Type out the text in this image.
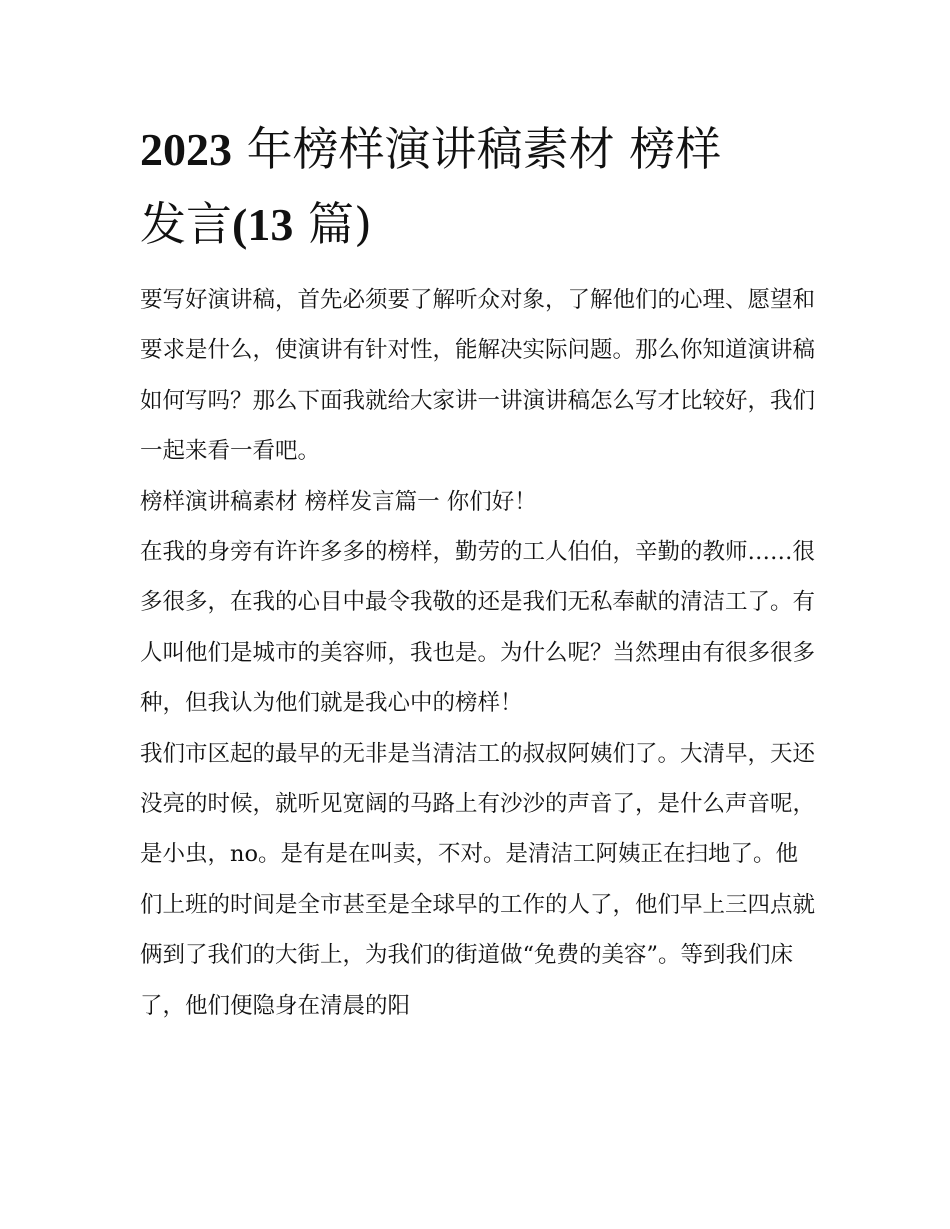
2023 年榜样演讲稿素材 榜样
发言(13 篇)

要写好演讲稿，首先必须要了解听众对象，了解他们的心理、愿望和要求是什么，使演讲有针对性，能解决实际问题。那么你知道演讲稿如何写吗？那么下面我就给大家讲一讲演讲稿怎么写才比较好，我们一起来看一看吧。

榜样演讲稿素材 榜样发言篇一 你们好！

在我的身旁有许许多多的榜样，勤劳的工人伯伯，辛勤的教师……很多很多，在我的心目中最令我敬的还是我们无私奉献的清洁工了。有人叫他们是城市的美容师，我也是。为什么呢？当然理由有很多很多种，但我认为他们就是我心中的榜样！

我们市区起的最早的无非是当清洁工的叔叔阿姨们了。大清早，天还没亮的时候，就听见宽阔的马路上有沙沙的声音了，是什么声音呢，是小虫，no。是有是在叫卖，不对。是清洁工阿姨正在扫地了。他们上班的时间是全市甚至是全球早的工作的人了，他们早上三四点就俩到了我们的大街上，为我们的街道做“免费的美容”。等到我们床了，他们便隐身在清晨的阳
